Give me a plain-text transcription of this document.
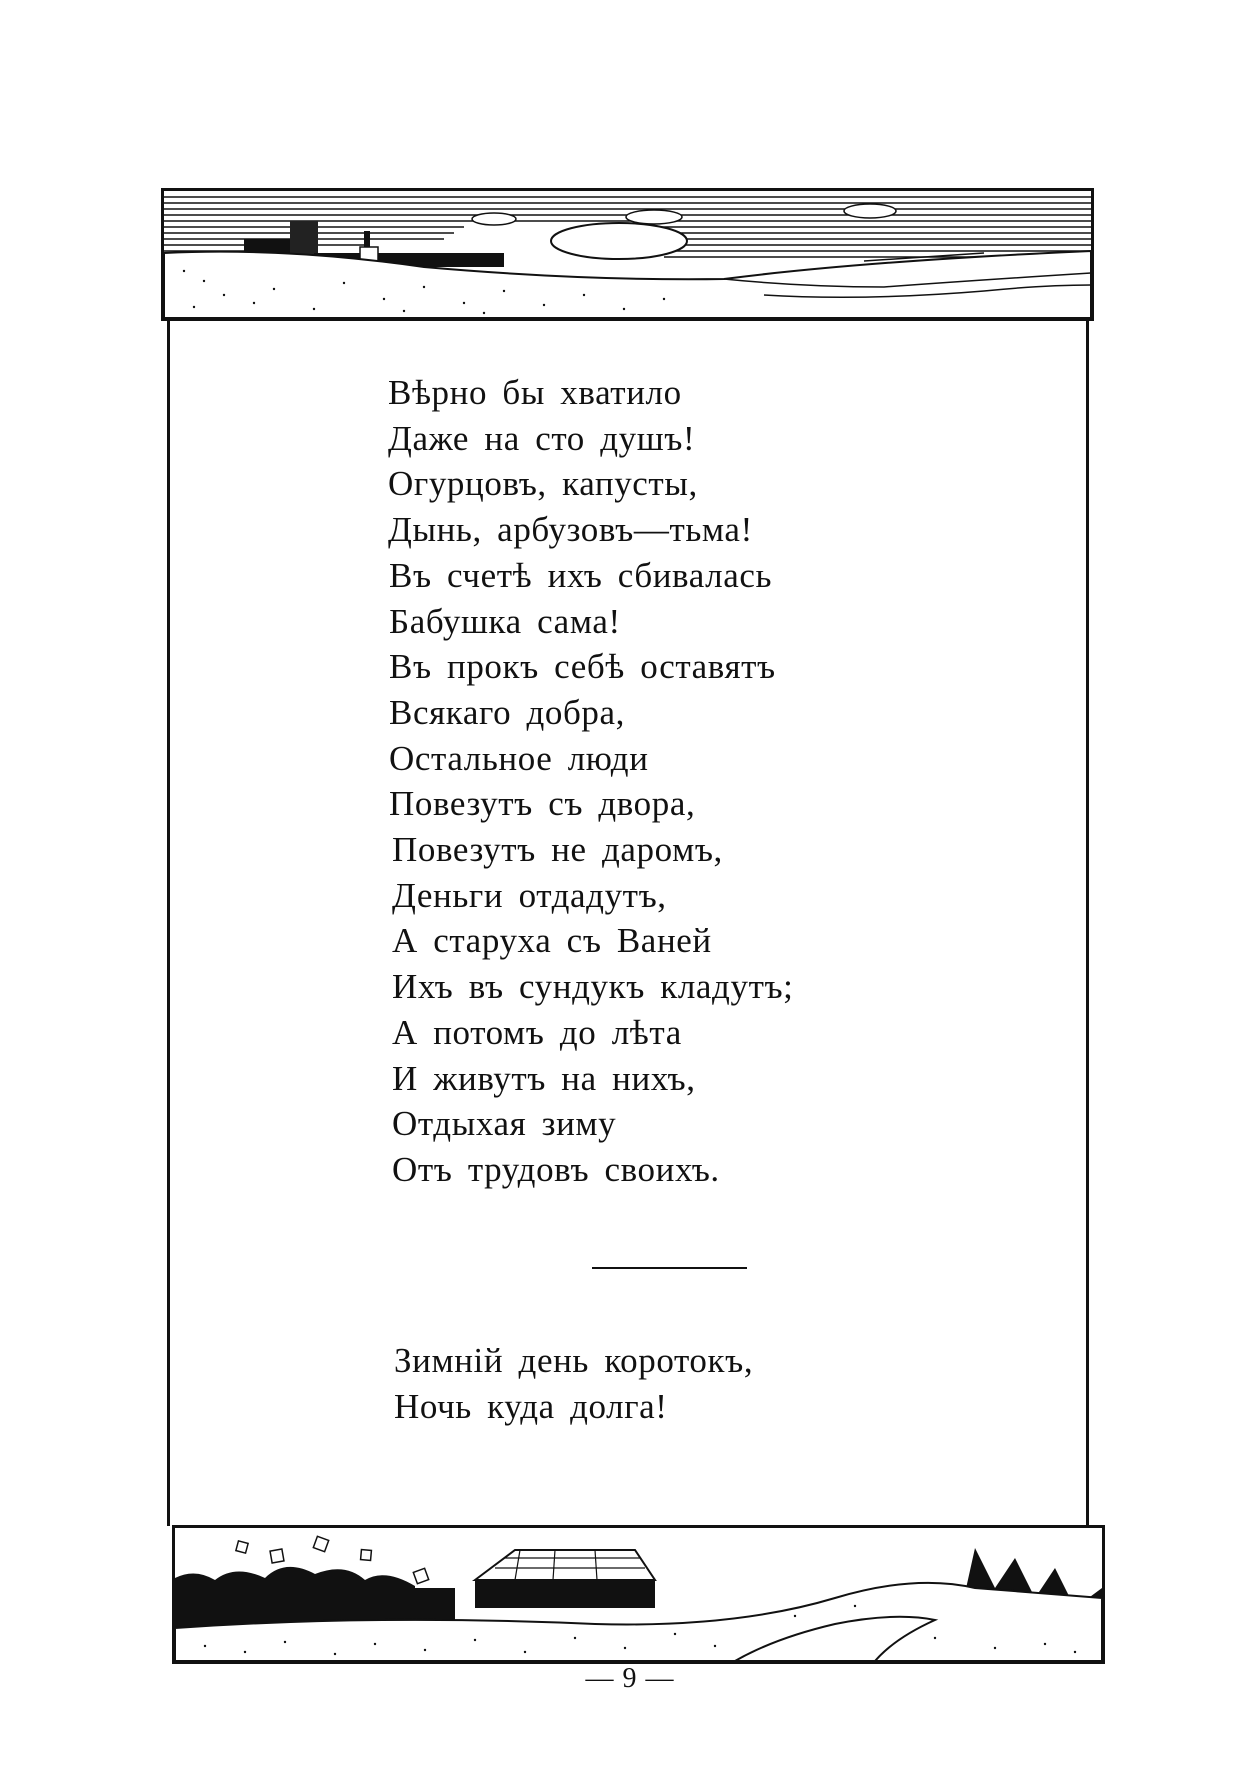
Вѣрно бы хватило
Даже на сто душъ!
Огурцовъ, капусты,
Дынь, арбузовъ—тьма!
Въ счетѣ ихъ сбивалась
Бабушка сама!
Въ прокъ себѣ оставятъ
Всякаго добра,
Остальное люди
Повезутъ съ двора,
Повезутъ не даромъ,
Деньги отдадутъ,
А старуха съ Ваней
Ихъ въ сундукъ кладутъ;
А потомъ до лѣта
И живутъ на нихъ,
Отдыхая зиму
Отъ трудовъ своихъ.
Зимній день коротокъ,
Ночь куда долга!
— 9 —
